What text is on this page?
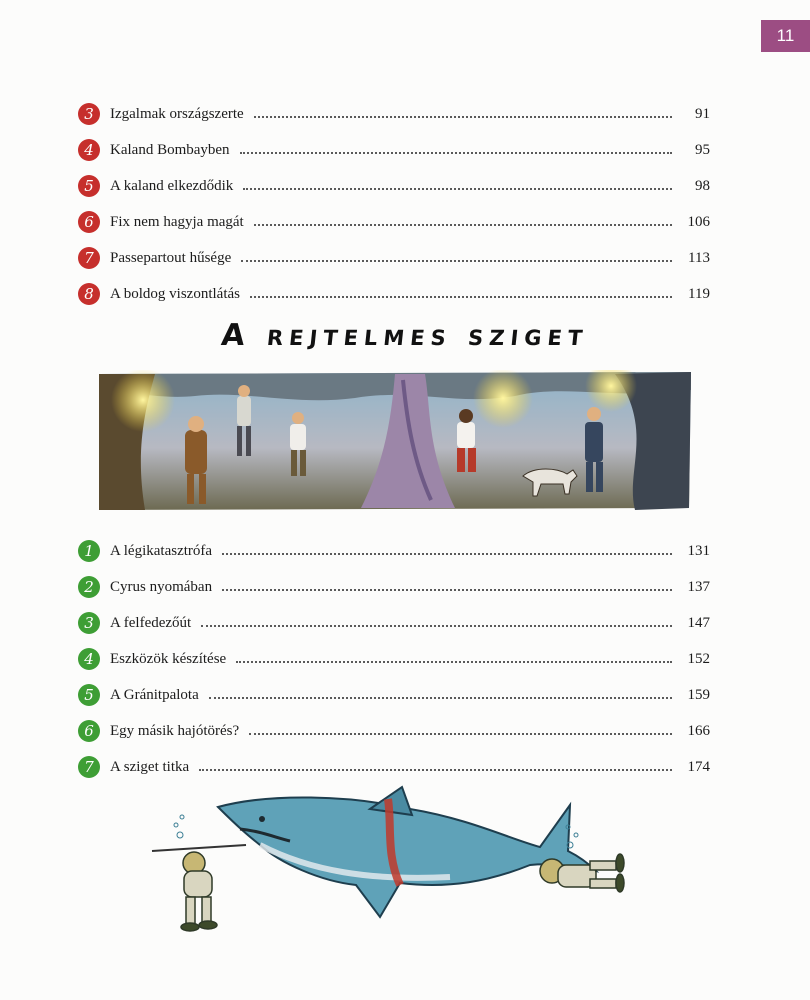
11
3	Izgalmak országszerte	91
4	Kaland Bombayben	95
5	A kaland elkezdődik	98
6	Fix nem hagyja magát	106
7	Passepartout hűsége	113
8	A boldog viszontlátás	119
A rejtelmes sziget
1	A légikatasztrófa	131
2	Cyrus nyomában	137
3	A felfedezőút	147
4	Eszközök készítése	152
5	A Gránitpalota	159
6	Egy másik hajótörés?	166
7	A sziget titka	174
